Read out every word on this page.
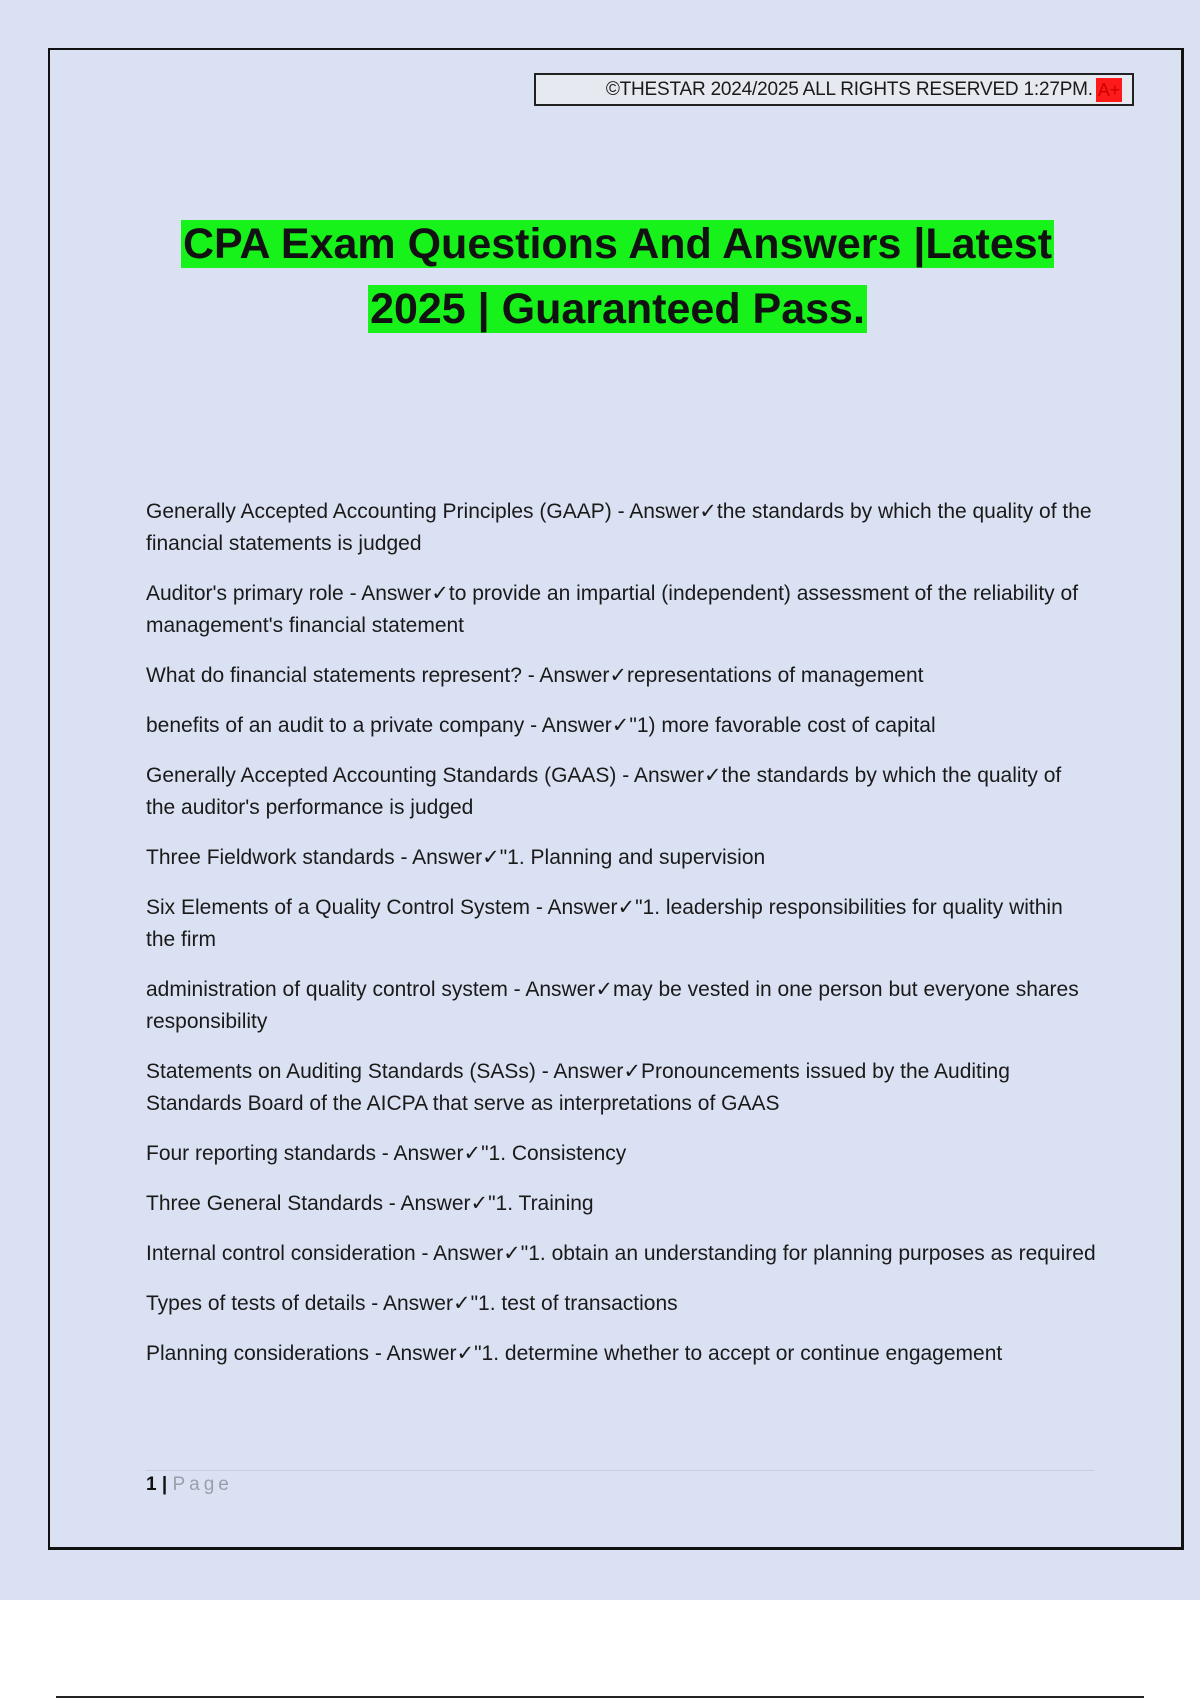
©THESTAR 2024/2025 ALL RIGHTS RESERVED 1:27PM. A+
CPA Exam Questions And Answers |Latest
2025 | Guaranteed Pass.
Generally Accepted Accounting Principles (GAAP) - Answer✓the standards by which the quality of the financial statements is judged
Auditor's primary role - Answer✓to provide an impartial (independent) assessment of the reliability of management's financial statement
What do financial statements represent? - Answer✓representations of management
benefits of an audit to a private company - Answer✓"1) more favorable cost of capital
Generally Accepted Accounting Standards (GAAS) - Answer✓the standards by which the quality of the auditor's performance is judged
Three Fieldwork standards - Answer✓"1. Planning and supervision
Six Elements of a Quality Control System - Answer✓"1. leadership responsibilities for quality within the firm
administration of quality control system - Answer✓may be vested in one person but everyone shares responsibility
Statements on Auditing Standards (SASs) - Answer✓Pronouncements issued by the Auditing Standards Board of the AICPA that serve as interpretations of GAAS
Four reporting standards - Answer✓"1. Consistency
Three General Standards - Answer✓"1. Training
Internal control consideration - Answer✓"1. obtain an understanding for planning purposes as required
Types of tests of details - Answer✓"1. test of transactions
Planning considerations - Answer✓"1. determine whether to accept or continue engagement
1 | Page
